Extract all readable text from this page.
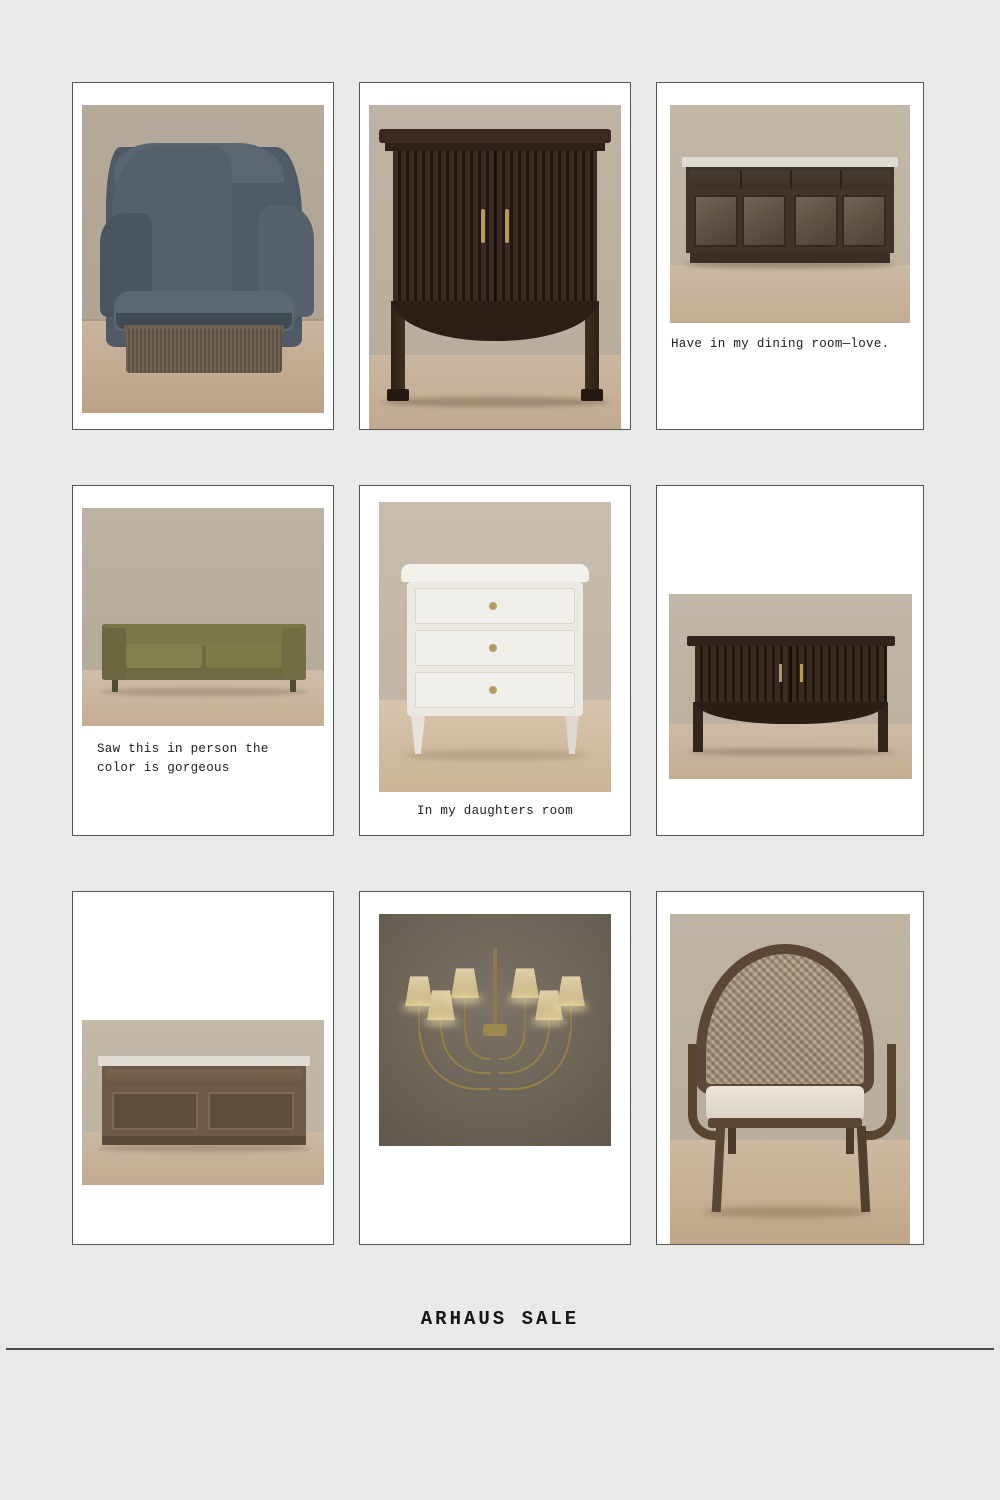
Have in my dining room—love.
Saw this in person the color is gorgeous
In my daughters room
ARHAUS SALE
